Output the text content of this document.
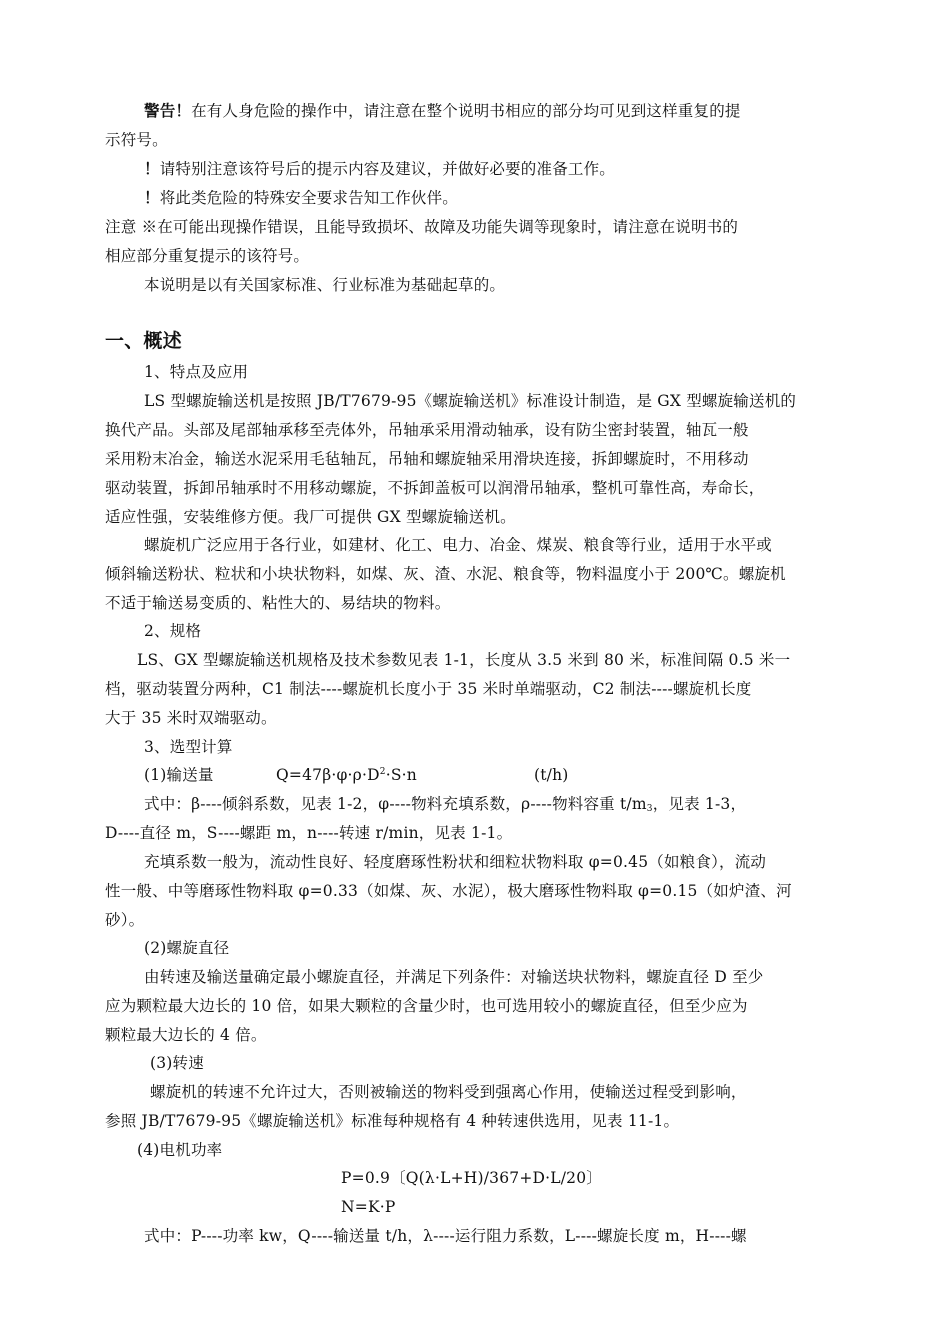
警告！在有人身危险的操作中，请注意在整个说明书相应的部分均可见到这样重复的提
示符号。
！请特别注意该符号后的提示内容及建议，并做好必要的准备工作。
！将此类危险的特殊安全要求告知工作伙伴。
注意 ※在可能出现操作错误，且能导致损坏、故障及功能失调等现象时，请注意在说明书的
相应部分重复提示的该符号。
本说明是以有关国家标准、行业标准为基础起草的。
一、概述
1、特点及应用
LS 型螺旋输送机是按照 JB/T7679-95《螺旋输送机》标准设计制造，是 GX 型螺旋输送机的
换代产品。头部及尾部轴承移至壳体外，吊轴承采用滑动轴承，设有防尘密封装置，轴瓦一般
采用粉末冶金，输送水泥采用毛毡轴瓦，吊轴和螺旋轴采用滑块连接，拆卸螺旋时，不用移动
驱动装置，拆卸吊轴承时不用移动螺旋，不拆卸盖板可以润滑吊轴承，整机可靠性高，寿命长，
适应性强，安装维修方便。我厂可提供 GX 型螺旋输送机。
螺旋机广泛应用于各行业，如建材、化工、电力、冶金、煤炭、粮食等行业，适用于水平或
倾斜输送粉状、粒状和小块状物料，如煤、灰、渣、水泥、粮食等，物料温度小于 200℃。螺旋机
不适于输送易变质的、粘性大的、易结块的物料。
2、规格
LS、GX 型螺旋输送机规格及技术参数见表 1-1，长度从 3.5 米到 80 米，标准间隔 0.5 米一
档，驱动装置分两种，C1 制法----螺旋机长度小于 35 米时单端驱动，C2 制法----螺旋机长度
大于 35 米时双端驱动。
3、选型计算
(1)输送量	$Q=47\beta\cdot\varphi\cdot\rho\cdot D^2\cdot S\cdot n$	(t/h)
式中：β----倾斜系数，见表 1-2，φ----物料充填系数，ρ----物料容重 $t/m_3$，见表 1-3，
D----直径 m，S----螺距 m，n----转速 r/min，见表 1-1。
充填系数一般为，流动性良好、轻度磨琢性粉状和细粒状物料取 φ=0.45（如粮食），流动
性一般、中等磨琢性物料取 φ=0.33（如煤、灰、水泥），极大磨琢性物料取 φ=0.15（如炉渣、河
砂）。
(2)螺旋直径
由转速及输送量确定最小螺旋直径，并满足下列条件：对输送块状物料，螺旋直径 D 至少
应为颗粒最大边长的 10 倍，如果大颗粒的含量少时，也可选用较小的螺旋直径，但至少应为
颗粒最大边长的 4 倍。
(3)转速
螺旋机的转速不允许过大，否则被输送的物料受到强离心作用，使输送过程受到影响，
参照 JB/T7679-95《螺旋输送机》标准每种规格有 4 种转速供选用，见表 11-1。
(4)电机功率
P=0.9〔Q(λ·L+H)/367+D·L/20〕
N=K·P
式中：P----功率 kw，Q----输送量 t/h，λ----运行阻力系数，L----螺旋长度 m，H----螺
